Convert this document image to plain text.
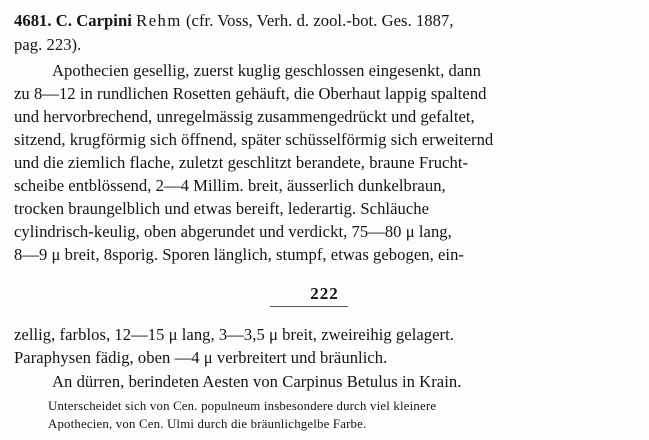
4681. C. Carpini Rehm (cfr. Voss, Verh. d. zool.-bot. Ges. 1887,
pag. 223).
Apothecien gesellig, zuerst kuglig geschlossen eingesenkt, dann
zu 8—12 in rundlichen Rosetten gehäuft, die Oberhaut lappig spaltend
und hervorbrechend, unregelmässig zusammengedrückt und gefaltet,
sitzend, krugförmig sich öffnend, später schüsselförmig sich erweiternd
und die ziemlich flache, zuletzt geschlitzt berandete, braune Frucht-
scheibe entblössend, 2—4 Millim. breit, äusserlich dunkelbraun,
trocken braungelblich und etwas bereift, lederartig. Schläuche
cylindrisch-keulig, oben abgerundet und verdickt, 75—80 μ lang,
8—9 μ breit, 8sporig. Sporen länglich, stumpf, etwas gebogen, ein-
222
zellig, farblos, 12—15 μ lang, 3—3,5 μ breit, zweireihig gelagert.
Paraphysen fädig, oben —4 μ verbreitert und bräunlich.
An dürren, berindeten Aesten von Carpinus Betulus in Krain.
Unterscheidet sich von Cen. populneum insbesondere durch viel kleinere
Apothecien, von Cen. Ulmi durch die bräunlichgelbe Farbe.
